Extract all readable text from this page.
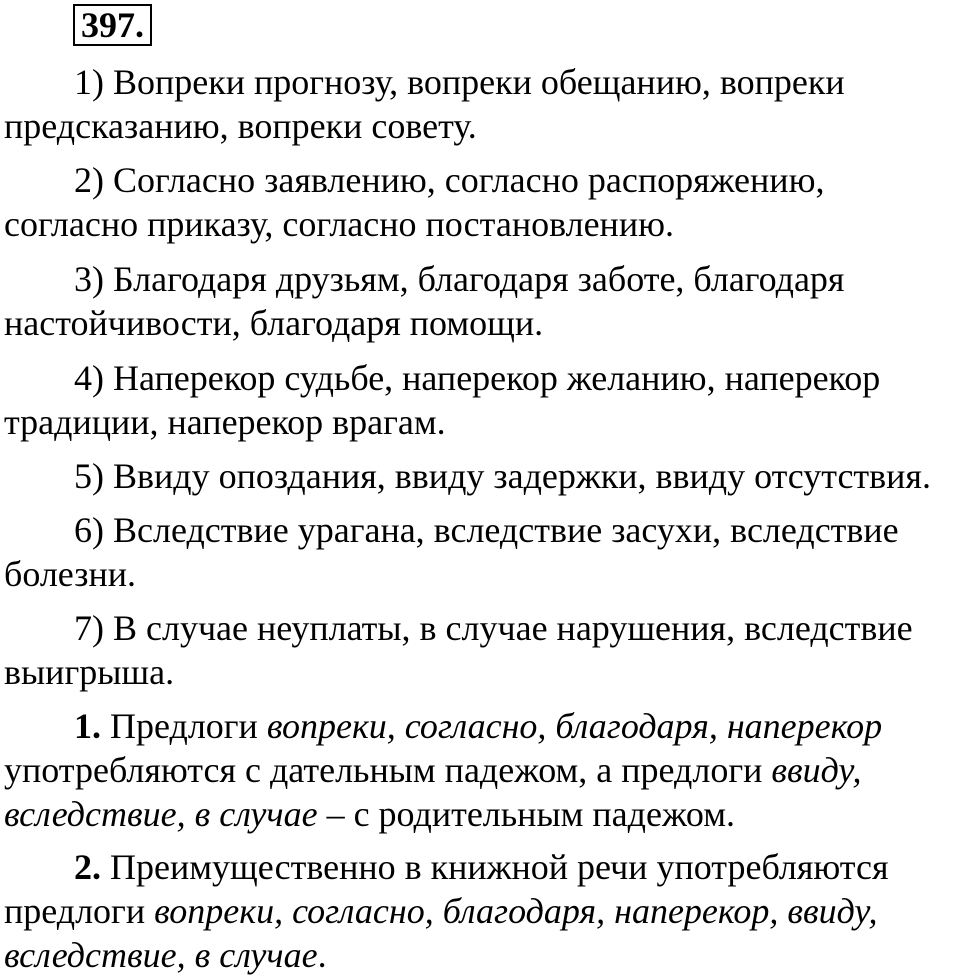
397.

1) Вопреки прогнозу, вопреки обещанию, вопреки
предсказанию, вопреки совету.

2) Согласно заявлению, согласно распоряжению,
согласно приказу, согласно постановлению.

3) Благодаря друзьям, благодаря заботе, благодаря
настойчивости, благодаря помощи.

4) Наперекор судьбе, наперекор желанию, наперекор
традиции, наперекор врагам.

5) Ввиду опоздания, ввиду задержки, ввиду отсутствия.

6) Вследствие урагана, вследствие засухи, вследствие
болезни.

7) В случае неуплаты, в случае нарушения, вследствие
выигрыша.

1. Предлоги вопреки, согласно, благодаря, наперекор
употребляются с дательным падежом, а предлоги ввиду,
вследствие, в случае – с родительным падежом.

2. Преимущественно в книжной речи употребляются
предлоги вопреки, согласно, благодаря, наперекор, ввиду,
вследствие, в случае.
